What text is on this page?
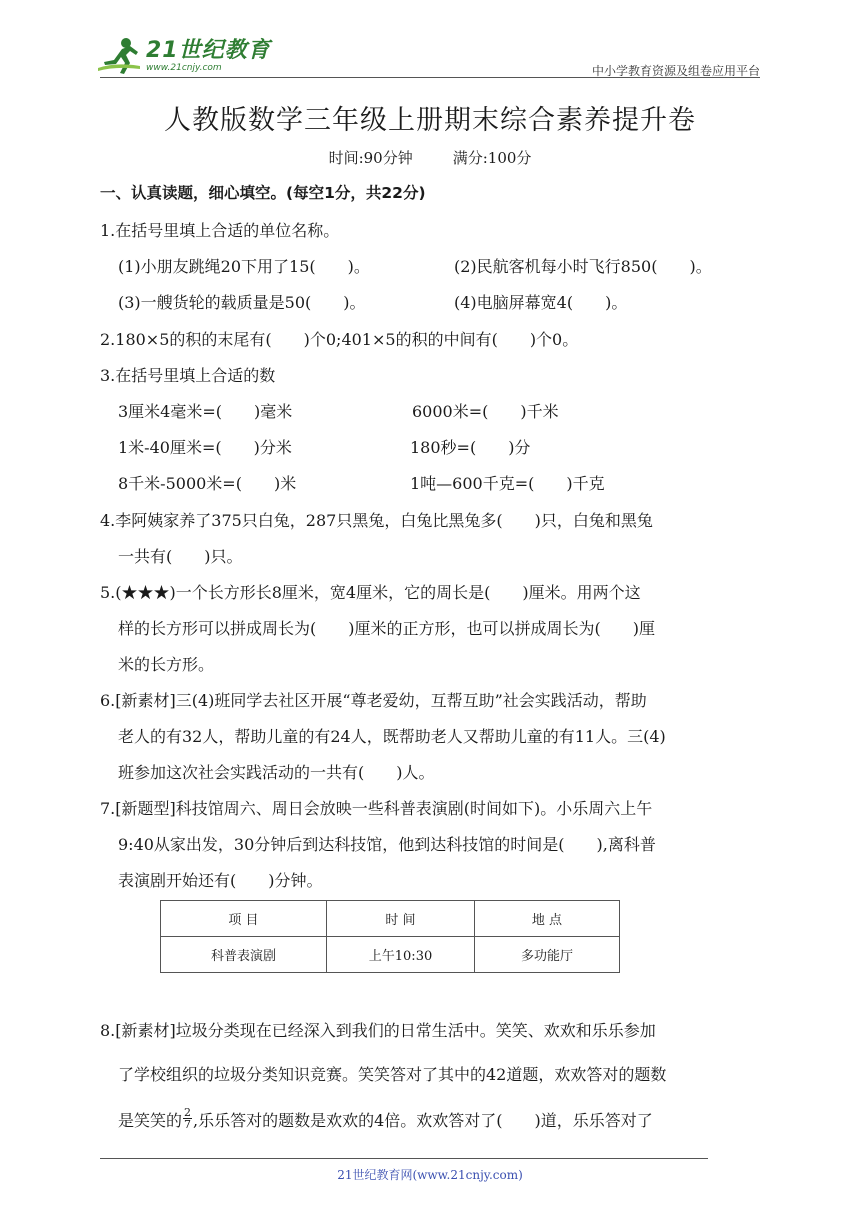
21世纪教育
www.21cnjy.com	中小学教育资源及组卷应用平台
人教版数学三年级上册期末综合素养提升卷
时间:90分钟	满分:100分
一、认真读题，细心填空。(每空1分，共22分)
1.在括号里填上合适的单位名称。
(1)小朋友跳绳20下用了15(　　)。	(2)民航客机每小时飞行850(　　)。
(3)一艘货轮的载质量是50(　　)。	(4)电脑屏幕宽4(　　)。
2.180×5的积的末尾有(　　)个0;401×5的积的中间有(　　)个0。
3.在括号里填上合适的数
3厘米4毫米=(　　)毫米	6000米=(　　)千米
1米-40厘米=(　　)分米	180秒=(　　)分
8千米-5000米=(　　)米	1吨—600千克=(　　)千克
4.李阿姨家养了375只白兔，287只黑兔，白兔比黑兔多(　　)只，白兔和黑兔
一共有(　　)只。
5.(★★★)一个长方形长8厘米，宽4厘米，它的周长是(　　)厘米。用两个这
样的长方形可以拼成周长为(　　)厘米的正方形，也可以拼成周长为(　　)厘
米的长方形。
6.[新素材]三(4)班同学去社区开展“尊老爱幼，互帮互助”社会实践活动，帮助
老人的有32人，帮助儿童的有24人，既帮助老人又帮助儿童的有11人。三(4)
班参加这次社会实践活动的一共有(　　)人。
7.[新题型]科技馆周六、周日会放映一些科普表演剧(时间如下)。小乐周六上午
9:40从家出发，30分钟后到达科技馆，他到达科技馆的时间是(　　),离科普
表演剧开始还有(　　)分钟。
项 目	时 间	地 点
科普表演剧	上午10:30	多功能厅
8.[新素材]垃圾分类现在已经深入到我们的日常生活中。笑笑、欢欢和乐乐参加
了学校组织的垃圾分类知识竞赛。笑笑答对了其中的42道题，欢欢答对的题数
是笑笑的 $\frac{2}{7}$ ,乐乐答对的题数是欢欢的4倍。欢欢答对了(　　)道，乐乐答对了
21世纪教育网(www.21cnjy.com)
